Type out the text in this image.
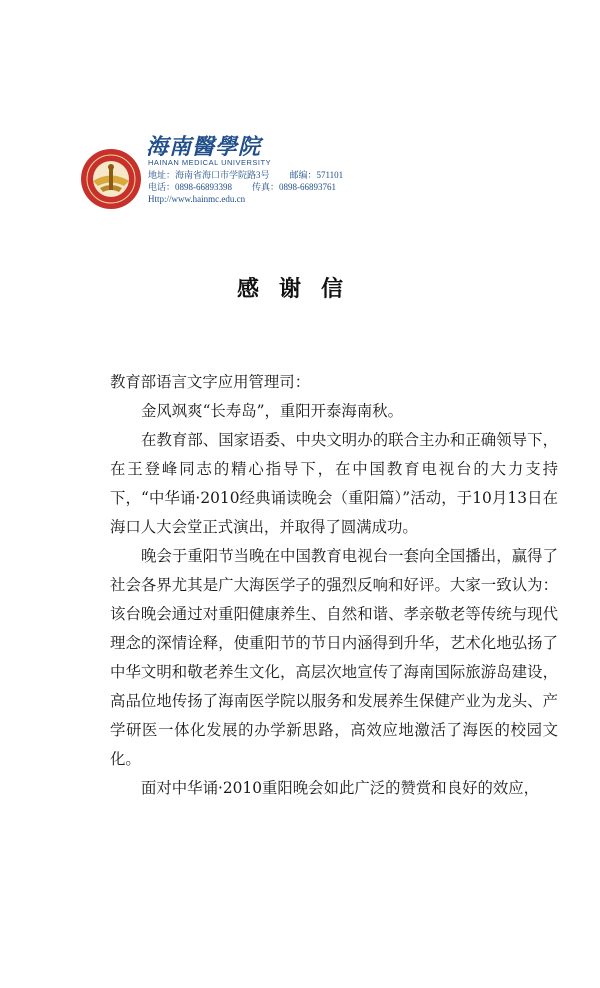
海南醫學院
HAINAN MEDICAL UNIVERSITY
地址：海南省海口市学院路3号 邮编：571101
电话：0898-66893398 传真：0898-66893761
Http://www.hainmc.edu.cn
感谢信

教育部语言文字应用管理司：

金风飒爽“长寿岛”，重阳开泰海南秋。

在教育部、国家语委、中央文明办的联合主办和正确领导下，在王登峰同志的精心指导下，在中国教育电视台的大力支持下，“中华诵·2010经典诵读晚会（重阳篇）”活动，于10月13日在海口人大会堂正式演出，并取得了圆满成功。

晚会于重阳节当晚在中国教育电视台一套向全国播出，赢得了社会各界尤其是广大海医学子的强烈反响和好评。大家一致认为：该台晚会通过对重阳健康养生、自然和谐、孝亲敬老等传统与现代理念的深情诠释，使重阳节的节日内涵得到升华，艺术化地弘扬了中华文明和敬老养生文化，高层次地宣传了海南国际旅游岛建设，高品位地传扬了海南医学院以服务和发展养生保健产业为龙头、产学研医一体化发展的办学新思路，高效应地激活了海医的校园文化。

面对中华诵·2010重阳晚会如此广泛的赞赏和良好的效应，
